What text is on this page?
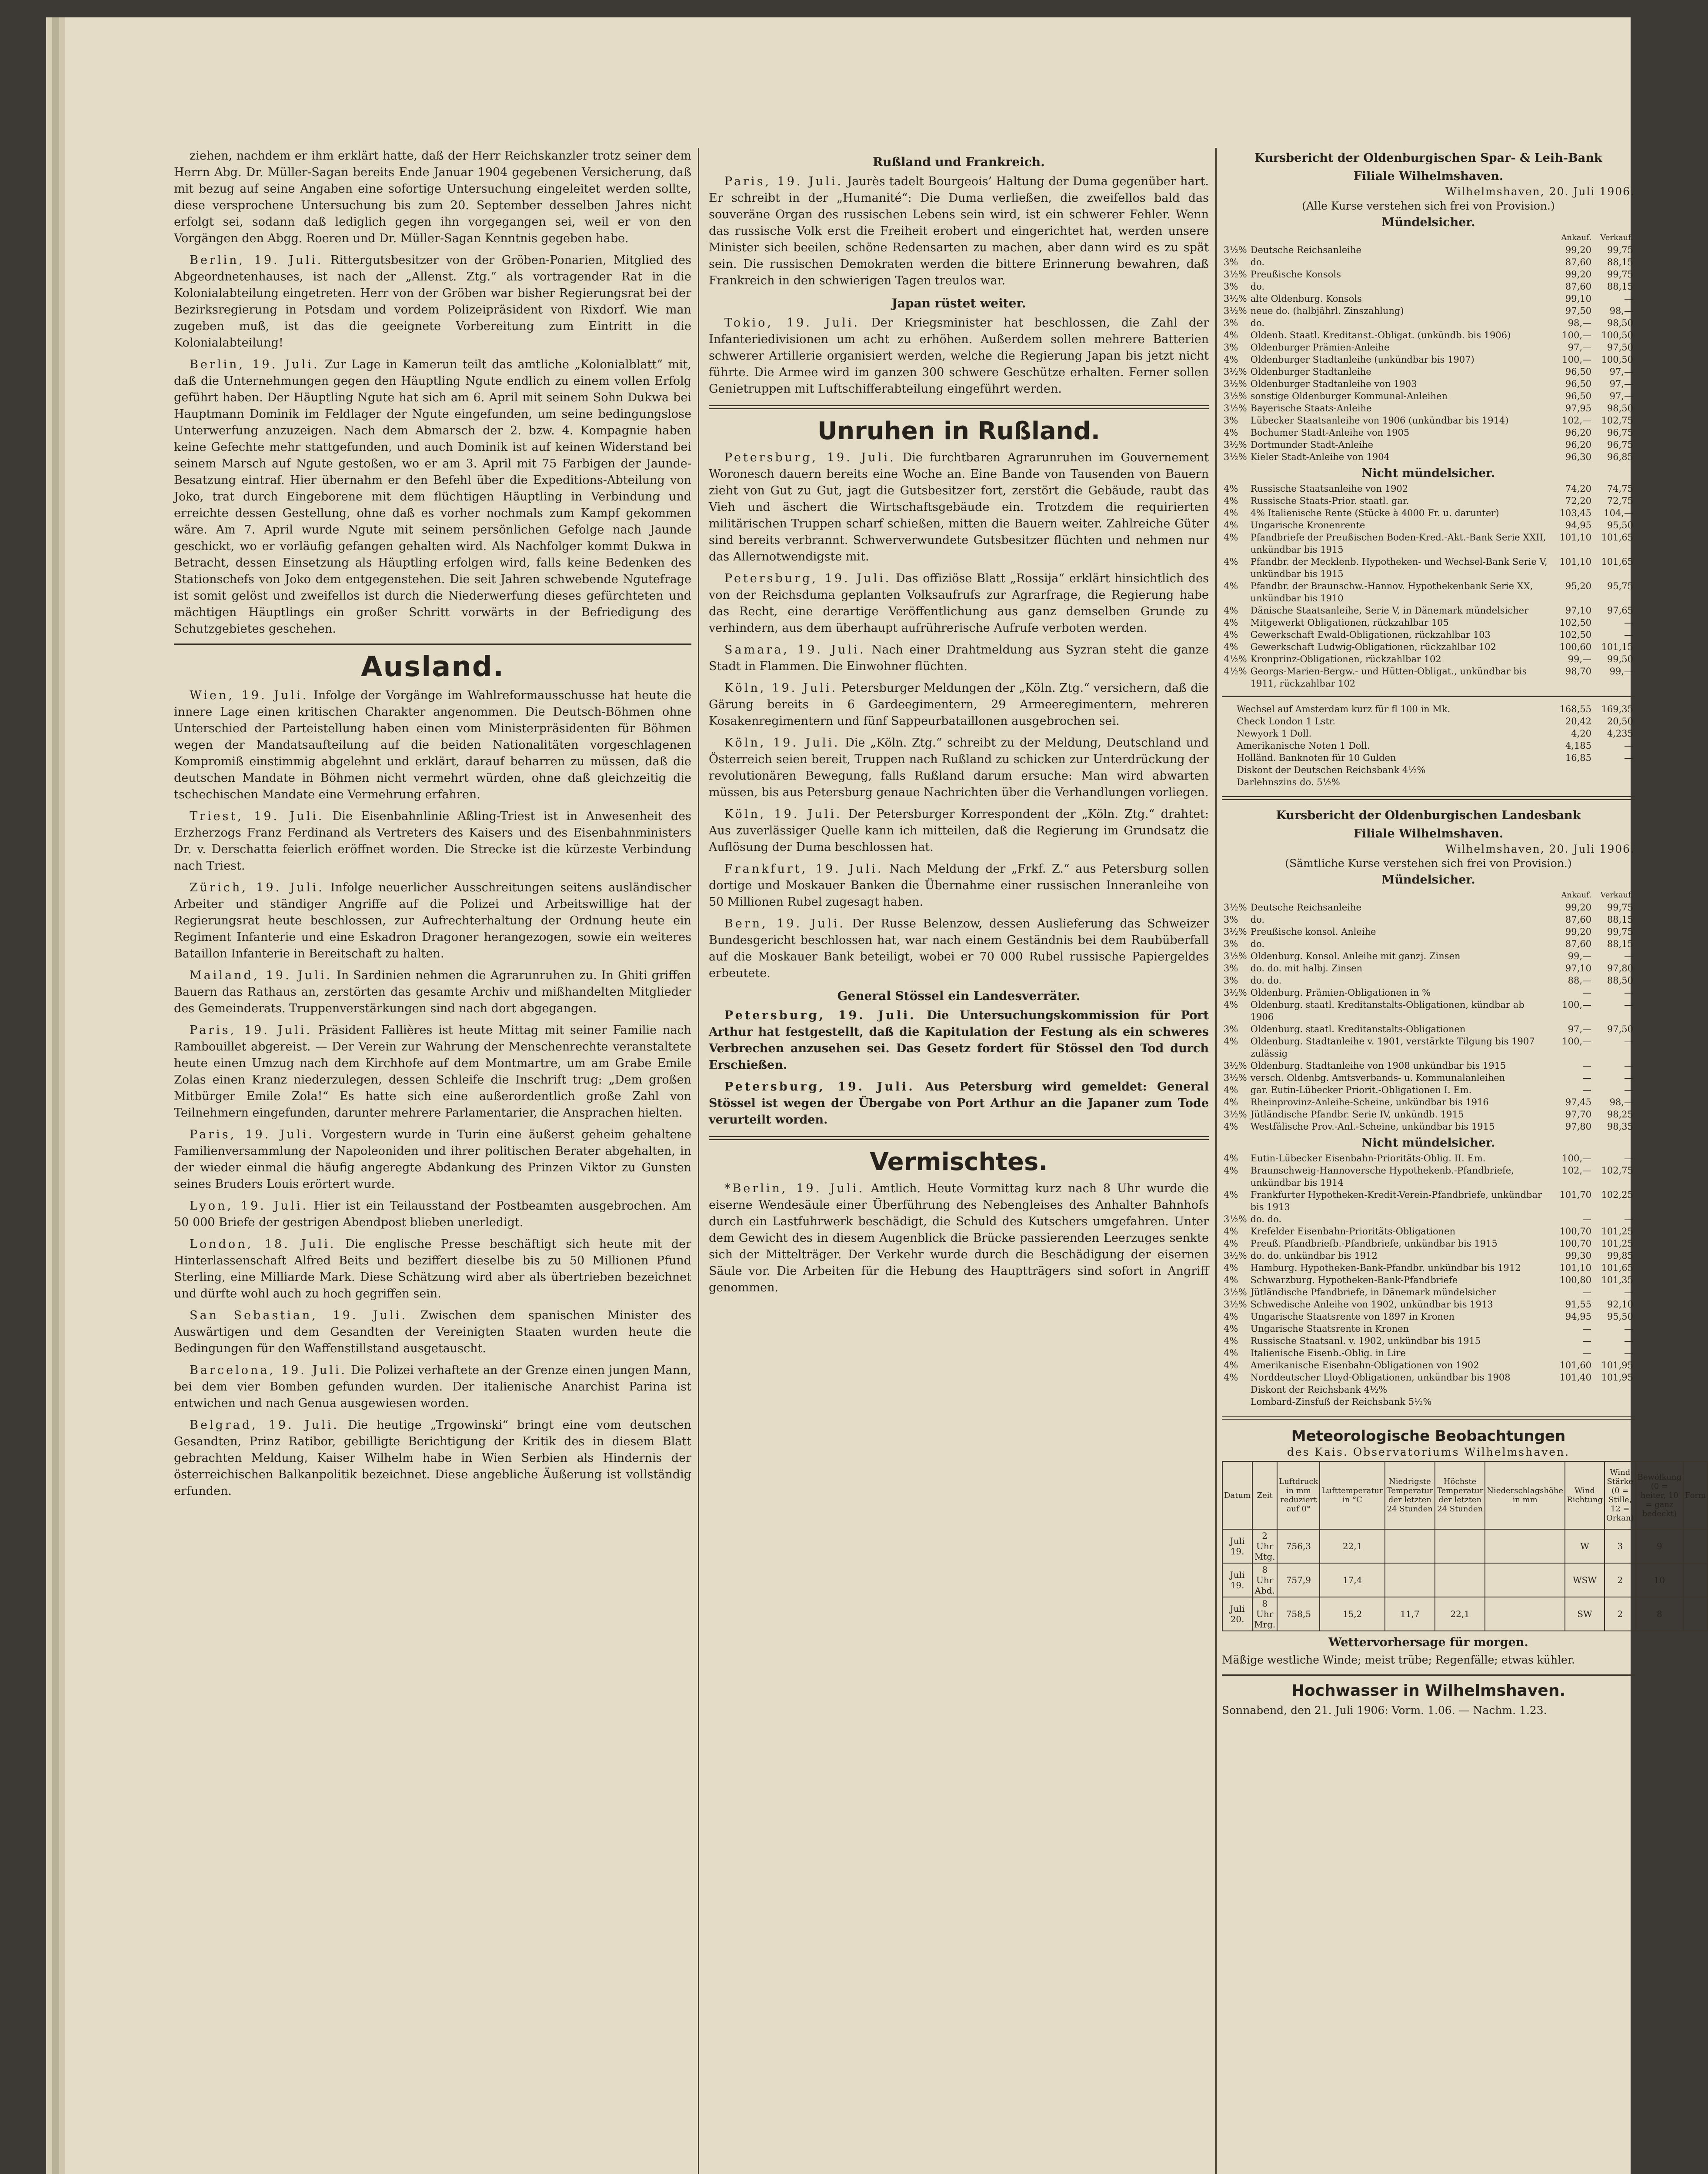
ziehen, nachdem er ihm erklärt hatte, daß der Herr Reichskanzler trotz seiner dem Herrn Abg. Dr. Müller-Sagan bereits Ende Januar 1904 gegebenen Versicherung, daß mit bezug auf seine Angaben eine sofortige Untersuchung eingeleitet werden sollte, diese versprochene Untersuchung bis zum 20. September desselben Jahres nicht erfolgt sei, sodann daß lediglich gegen ihn vorgegangen sei, weil er von den Vorgängen den Abgg. Roeren und Dr. Müller-Sagan Kenntnis gegeben habe.

Berlin, 19. Juli. Rittergutsbesitzer von der Gröben-Ponarien, Mitglied des Abgeordnetenhauses, ist nach der „Allenst. Ztg.“ als vortragender Rat in die Kolonialabteilung eingetreten. Herr von der Gröben war bisher Regierungsrat bei der Bezirksregierung in Potsdam und vordem Polizeipräsident von Rixdorf. Wie man zugeben muß, ist das die geeignete Vorbereitung zum Eintritt in die Kolonialabteilung!

Berlin, 19. Juli. Zur Lage in Kamerun teilt das amtliche „Kolonialblatt“ mit, daß die Unternehmungen gegen den Häuptling Ngute endlich zu einem vollen Erfolg geführt haben. Der Häuptling Ngute hat sich am 6. April mit seinem Sohn Dukwa bei Hauptmann Dominik im Feldlager der Ngute eingefunden, um seine bedingungslose Unterwerfung anzuzeigen. Nach dem Abmarsch der 2. bzw. 4. Kompagnie haben keine Gefechte mehr stattgefunden, und auch Dominik ist auf keinen Widerstand bei seinem Marsch auf Ngute gestoßen, wo er am 3. April mit 75 Farbigen der Jaunde-Besatzung eintraf. Hier übernahm er den Befehl über die Expeditions-Abteilung von Joko, trat durch Eingeborene mit dem flüchtigen Häuptling in Verbindung und erreichte dessen Gestellung, ohne daß es vorher nochmals zum Kampf gekommen wäre. Am 7. April wurde Ngute mit seinem persönlichen Gefolge nach Jaunde geschickt, wo er vorläufig gefangen gehalten wird. Als Nachfolger kommt Dukwa in Betracht, dessen Einsetzung als Häuptling erfolgen wird, falls keine Bedenken des Stationschefs von Joko dem entgegenstehen. Die seit Jahren schwebende Ngutefrage ist somit gelöst und zweifellos ist durch die Niederwerfung dieses gefürchteten und mächtigen Häuptlings ein großer Schritt vorwärts in der Befriedigung des Schutzgebietes geschehen.

Ausland.

Wien, 19. Juli. Infolge der Vorgänge im Wahlreformausschusse hat heute die innere Lage einen kritischen Charakter angenommen. Die Deutsch-Böhmen ohne Unterschied der Parteistellung haben einen vom Ministerpräsidenten für Böhmen wegen der Mandatsaufteilung auf die beiden Nationalitäten vorgeschlagenen Kompromiß einstimmig abgelehnt und erklärt, darauf beharren zu müssen, daß die deutschen Mandate in Böhmen nicht vermehrt würden, ohne daß gleichzeitig die tschechischen Mandate eine Vermehrung erfahren.

Triest, 19. Juli. Die Eisenbahnlinie Aßling-Triest ist in Anwesenheit des Erzherzogs Franz Ferdinand als Vertreters des Kaisers und des Eisenbahnministers Dr. v. Derschatta feierlich eröffnet worden. Die Strecke ist die kürzeste Verbindung nach Triest.

Zürich, 19. Juli. Infolge neuerlicher Ausschreitungen seitens ausländischer Arbeiter und ständiger Angriffe auf die Polizei und Arbeitswillige hat der Regierungsrat heute beschlossen, zur Aufrechterhaltung der Ordnung heute ein Regiment Infanterie und eine Eskadron Dragoner herangezogen, sowie ein weiteres Bataillon Infanterie in Bereitschaft zu halten.

Mailand, 19. Juli. In Sardinien nehmen die Agrarunruhen zu. In Ghiti griffen Bauern das Rathaus an, zerstörten das gesamte Archiv und mißhandelten Mitglieder des Gemeinderats. Truppenverstärkungen sind nach dort abgegangen.

Paris, 19. Juli. Präsident Fallières ist heute Mittag mit seiner Familie nach Rambouillet abgereist. — Der Verein zur Wahrung der Menschenrechte veranstaltete heute einen Umzug nach dem Kirchhofe auf dem Montmartre, um am Grabe Emile Zolas einen Kranz niederzulegen, dessen Schleife die Inschrift trug: „Dem großen Mitbürger Emile Zola!“ Es hatte sich eine außerordentlich große Zahl von Teilnehmern eingefunden, darunter mehrere Parlamentarier, die Ansprachen hielten.

Paris, 19. Juli. Vorgestern wurde in Turin eine äußerst geheim gehaltene Familienversammlung der Napoleoniden und ihrer politischen Berater abgehalten, in der wieder einmal die häufig angeregte Abdankung des Prinzen Viktor zu Gunsten seines Bruders Louis erörtert wurde.

Lyon, 19. Juli. Hier ist ein Teilausstand der Postbeamten ausgebrochen. Am 50 000 Briefe der gestrigen Abendpost blieben unerledigt.

London, 18. Juli. Die englische Presse beschäftigt sich heute mit der Hinterlassenschaft Alfred Beits und beziffert dieselbe bis zu 50 Millionen Pfund Sterling, eine Milliarde Mark. Diese Schätzung wird aber als übertrieben bezeichnet und dürfte wohl auch zu hoch gegriffen sein.

San Sebastian, 19. Juli. Zwischen dem spanischen Minister des Auswärtigen und dem Gesandten der Vereinigten Staaten wurden heute die Bedingungen für den Waffenstillstand ausgetauscht.

Barcelona, 19. Juli. Die Polizei verhaftete an der Grenze einen jungen Mann, bei dem vier Bomben gefunden wurden. Der italienische Anarchist Parina ist entwichen und nach Genua ausgewiesen worden.

Belgrad, 19. Juli. Die heutige „Trgowinski“ bringt eine vom deutschen Gesandten, Prinz Ratibor, gebilligte Berichtigung der Kritik des in diesem Blatt gebrachten Meldung, Kaiser Wilhelm habe in Wien Serbien als Hindernis der österreichischen Balkanpolitik bezeichnet. Diese angebliche Äußerung ist vollständig erfunden.

Rußland und Frankreich.

Paris, 19. Juli. Jaurès tadelt Bourgeois’ Haltung der Duma gegenüber hart. Er schreibt in der „Humanité“: Die Duma verließen, die zweifellos bald das souveräne Organ des russischen Lebens sein wird, ist ein schwerer Fehler. Wenn das russische Volk erst die Freiheit erobert und eingerichtet hat, werden unsere Minister sich beeilen, schöne Redensarten zu machen, aber dann wird es zu spät sein. Die russischen Demokraten werden die bittere Erinnerung bewahren, daß Frankreich in den schwierigen Tagen treulos war.

Japan rüstet weiter.

Tokio, 19. Juli. Der Kriegsminister hat beschlossen, die Zahl der Infanteriedivisionen um acht zu erhöhen. Außerdem sollen mehrere Batterien schwerer Artillerie organisiert werden, welche die Regierung Japan bis jetzt nicht führte. Die Armee wird im ganzen 300 schwere Geschütze erhalten. Ferner sollen Genietruppen mit Luftschifferabteilung eingeführt werden.

Unruhen in Rußland.

Petersburg, 19. Juli. Die furchtbaren Agrarunruhen im Gouvernement Woronesch dauern bereits eine Woche an. Eine Bande von Tausenden von Bauern zieht von Gut zu Gut, jagt die Gutsbesitzer fort, zerstört die Gebäude, raubt das Vieh und äschert die Wirtschaftsgebäude ein. Trotzdem die requirierten militärischen Truppen scharf schießen, mitten die Bauern weiter. Zahlreiche Güter sind bereits verbrannt. Schwerverwundete Gutsbesitzer flüchten und nehmen nur das Allernotwendigste mit.

Petersburg, 19. Juli. Das offiziöse Blatt „Rossija“ erklärt hinsichtlich des von der Reichsduma geplanten Volksaufrufs zur Agrarfrage, die Regierung habe das Recht, eine derartige Veröffentlichung aus ganz demselben Grunde zu verhindern, aus dem überhaupt aufrührerische Aufrufe verboten werden.

Samara, 19. Juli. Nach einer Drahtmeldung aus Syzran steht die ganze Stadt in Flammen. Die Einwohner flüchten.

Köln, 19. Juli. Petersburger Meldungen der „Köln. Ztg.“ versichern, daß die Gärung bereits in 6 Gardeegimentern, 29 Armeeregimentern, mehreren Kosakenregimentern und fünf Sappeurbataillonen ausgebrochen sei.

Köln, 19. Juli. Die „Köln. Ztg.“ schreibt zu der Meldung, Deutschland und Österreich seien bereit, Truppen nach Rußland zu schicken zur Unterdrückung der revolutionären Bewegung, falls Rußland darum ersuche: Man wird abwarten müssen, bis aus Petersburg genaue Nachrichten über die Verhandlungen vorliegen.

Köln, 19. Juli. Der Petersburger Korrespondent der „Köln. Ztg.“ drahtet: Aus zuverlässiger Quelle kann ich mitteilen, daß die Regierung im Grundsatz die Auflösung der Duma beschlossen hat.

Frankfurt, 19. Juli. Nach Meldung der „Frkf. Z.“ aus Petersburg sollen dortige und Moskauer Banken die Übernahme einer russischen Inneranleihe von 50 Millionen Rubel zugesagt haben.

Bern, 19. Juli. Der Russe Belenzow, dessen Auslieferung das Schweizer Bundesgericht beschlossen hat, war nach einem Geständnis bei dem Raubüberfall auf die Moskauer Bank beteiligt, wobei er 70 000 Rubel russische Papiergeldes erbeutete.

General Stössel ein Landesverräter.

Petersburg, 19. Juli. Die Untersuchungskommission für Port Arthur hat festgestellt, daß die Kapitulation der Festung als ein schweres Verbrechen anzusehen sei. Das Gesetz fordert für Stössel den Tod durch Erschießen.

Petersburg, 19. Juli. Aus Petersburg wird gemeldet: General Stössel ist wegen der Übergabe von Port Arthur an die Japaner zum Tode verurteilt worden.

Vermischtes.

*Berlin, 19. Juli. Amtlich. Heute Vormittag kurz nach 8 Uhr wurde die eiserne Wendesäule einer Überführung des Nebengleises des Anhalter Bahnhofs durch ein Lastfuhrwerk beschädigt, die Schuld des Kutschers umgefahren. Unter dem Gewicht des in diesem Augenblick die Brücke passierenden Leerzuges senkte sich der Mittelträger. Der Verkehr wurde durch die Beschädigung der eisernen Säule vor. Die Arbeiten für die Hebung des Hauptträgers sind sofort in Angriff genommen.

Kursbericht der Oldenburgischen Spar- & Leih-Bank
Filiale Wilhelmshaven.
Wilhelmshaven, 20. Juli 1906.
(Alle Kurse verstehen sich frei von Provision.)
Mündelsicher.
		Ankauf.	Verkauf.
3½%	Deutsche Reichsanleihe	99,20	99,75
3%	do.	87,60	88,15
3½%	Preußische Konsols	99,20	99,75
3%	do.	87,60	88,15
3½%	alte Oldenburg. Konsols	99,10	—
3½%	neue do. (halbjährl. Zinszahlung)	97,50	98,—
3%	do.	98,—	98,50
4%	Oldenb. Staatl. Kreditanst.-Obligat. (unkündb. bis 1906)	100,—	100,50
3%	Oldenburger Prämien-Anleihe	97,—	97,50
4%	Oldenburger Stadtanleihe (unkündbar bis 1907)	100,—	100,50
3½%	Oldenburger Stadtanleihe	96,50	97,—
3½%	Oldenburger Stadtanleihe von 1903	96,50	97,—
3½%	sonstige Oldenburger Kommunal-Anleihen	96,50	97,—
3½%	Bayerische Staats-Anleihe	97,95	98,50
3%	Lübecker Staatsanleihe von 1906 (unkündbar bis 1914)	102,—	102,75
4%	Bochumer Stadt-Anleihe von 1905	96,20	96,75
3½%	Dortmunder Stadt-Anleihe	96,20	96,75
3½%	Kieler Stadt-Anleihe von 1904	96,30	96,85
Nicht mündelsicher.
4%	Russische Staatsanleihe von 1902	74,20	74,75
4%	Russische Staats-Prior. staatl. gar.	72,20	72,75
4%	4% Italienische Rente (Stücke à 4000 Fr. u. darunter)	103,45	104,—
4%	Ungarische Kronenrente	94,95	95,50
4%	Pfandbriefe der Preußischen Boden-Kred.-Akt.-Bank Serie XXII, unkündbar bis 1915	101,10	101,65
4%	Pfandbr. der Mecklenb. Hypotheken- und Wechsel-Bank Serie V, unkündbar bis 1915	101,10	101,65
4%	Pfandbr. der Braunschw.-Hannov. Hypothekenbank Serie XX, unkündbar bis 1910	95,20	95,75
4%	Dänische Staatsanleihe, Serie V, in Dänemark mündelsicher	97,10	97,65
4%	Mitgewerkt Obligationen, rückzahlbar 105	102,50	—
4%	Gewerkschaft Ewald-Obligationen, rückzahlbar 103	102,50	—
4%	Gewerkschaft Ludwig-Obligationen, rückzahlbar 102	100,60	101,15
4½%	Kronprinz-Obligationen, rückzahlbar 102	99,—	99,50
4½%	Georgs-Marien-Bergw.- und Hütten-Obligat., unkündbar bis 1911, rückzahlbar 102	98,70	99,—
	Wechsel auf Amsterdam kurz für fl 100 in Mk.	168,55	169,35
	Check London 1 Lstr.	20,42	20,50
	Newyork 1 Doll.	4,20	4,235
	Amerikanische Noten 1 Doll.	4,185	—
	Holländ. Banknoten für 10 Gulden	16,85	—
	Diskont der Deutschen Reichsbank 4½%		
	Darlehnszins do. 5½%		
Kursbericht der Oldenburgischen Landesbank
Filiale Wilhelmshaven.
Wilhelmshaven, 20. Juli 1906.
(Sämtliche Kurse verstehen sich frei von Provision.)
Mündelsicher.
		Ankauf.	Verkauf.
3½%	Deutsche Reichsanleihe	99,20	99,75
3%	do.	87,60	88,15
3½%	Preußische konsol. Anleihe	99,20	99,75
3%	do.	87,60	88,15
3½%	Oldenburg. Konsol. Anleihe mit ganzj. Zinsen	99,—	—
3%	do. do. mit halbj. Zinsen	97,10	97,80
3%	do. do.	88,—	88,50
3½%	Oldenburg. Prämien-Obligationen in %	—	—
4%	Oldenburg. staatl. Kreditanstalts-Obligationen, kündbar ab 1906	100,—	—
3%	Oldenburg. staatl. Kreditanstalts-Obligationen	97,—	97,50
4%	Oldenburg. Stadtanleihe v. 1901, verstärkte Tilgung bis 1907 zulässig	100,—	—
3½%	Oldenburg. Stadtanleihe von 1908 unkündbar bis 1915	—	—
3½%	versch. Oldenbg. Amtsverbands- u. Kommunalanleihen	—	—
4%	gar. Eutin-Lübecker Priorit.-Obligationen I. Em.	—	—
4%	Rheinprovinz-Anleihe-Scheine, unkündbar bis 1916	97,45	98,—
3½%	Jütländische Pfandbr. Serie IV, unkündb. 1915	97,70	98,25
4%	Westfälische Prov.-Anl.-Scheine, unkündbar bis 1915	97,80	98,35
Nicht mündelsicher.
4%	Eutin-Lübecker Eisenbahn-Prioritäts-Oblig. II. Em.	100,—	—
4%	Braunschweig-Hannoversche Hypothekenb.-Pfandbriefe, unkündbar bis 1914	102,—	102,75
4%	Frankfurter Hypotheken-Kredit-Verein-Pfandbriefe, unkündbar bis 1913	101,70	102,25
3½%	do. do.	—	—
4%	Krefelder Eisenbahn-Prioritäts-Obligationen	100,70	101,25
4%	Preuß. Pfandbriefb.-Pfandbriefe, unkündbar bis 1915	100,70	101,25
3½%	do. do. unkündbar bis 1912	99,30	99,85
4%	Hamburg. Hypotheken-Bank-Pfandbr. unkündbar bis 1912	101,10	101,65
4%	Schwarzburg. Hypotheken-Bank-Pfandbriefe	100,80	101,35
3½%	Jütländische Pfandbriefe, in Dänemark mündelsicher	—	—
3½%	Schwedische Anleihe von 1902, unkündbar bis 1913	91,55	92,10
4%	Ungarische Staatsrente von 1897 in Kronen	94,95	95,50
4%	Ungarische Staatsrente in Kronen	—	—
4%	Russische Staatsanl. v. 1902, unkündbar bis 1915	—	—
4%	Italienische Eisenb.-Oblig. in Lire	—	—
4%	Amerikanische Eisenbahn-Obligationen von 1902	101,60	101,95
4%	Norddeutscher Lloyd-Obligationen, unkündbar bis 1908	101,40	101,95
	Diskont der Reichsbank 4½%		
	Lombard-Zinsfuß der Reichsbank 5½%		
Meteorologische Beobachtungen
des Kais. Observatoriums Wilhelmshaven.
Datum	Zeit	Luftdruck in mm reduziert auf 0°	Lufttemperatur in °C	Niedrigste Temperatur der letzten 24 Stunden	Höchste Temperatur der letzten 24 Stunden	Niederschlagshöhe in mm	Wind Richtung	Wind Stärke (0 = Stille, 12 = Orkan)	Bewölkung (0 = heiter, 10 = ganz bedeckt)	Form
Juli 19.	2 Uhr Mtg.	756,3	22,1				W	3	9	
Juli 19.	8 Uhr Abd.	757,9	17,4				WSW	2	10	
Juli 20.	8 Uhr Mrg.	758,5	15,2	11,7	22,1		SW	2	8	
Wettervorhersage für morgen.

Mäßige westliche Winde; meist trübe; Regenfälle; etwas kühler.

Hochwasser in Wilhelmshaven.

Sonnabend, den 21. Juli 1906: Vorm. 1.06. — Nachm. 1.23.
